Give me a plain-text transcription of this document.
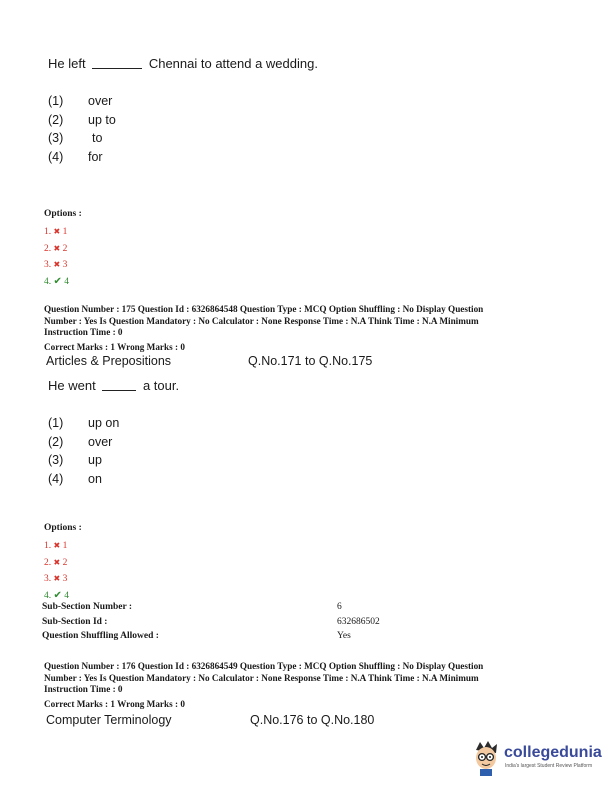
He left	Chennai to attend a wedding.
(1) over
(2) up to
(3) to
(4) for
Options :
1. ✖ 1
2. ✖ 2
3. ✖ 3
4. ✔ 4
Question Number : 175 Question Id : 6326864548 Question Type : MCQ Option Shuffling : No Display Question
Number : Yes Is Question Mandatory : No Calculator : None Response Time : N.A Think Time : N.A Minimum
Instruction Time : 0
Correct Marks : 1 Wrong Marks : 0
Articles & Prepositions	Q.No.171 to Q.No.175
He went	a tour.
(1) up on
(2) over
(3) up
(4) on
Options :
1. ✖ 1
2. ✖ 2
3. ✖ 3
4. ✔ 4
Sub-Section Number :	6
Sub-Section Id :	632686502
Question Shuffling Allowed :	Yes
Question Number : 176 Question Id : 6326864549 Question Type : MCQ Option Shuffling : No Display Question
Number : Yes Is Question Mandatory : No Calculator : None Response Time : N.A Think Time : N.A Minimum
Instruction Time : 0
Correct Marks : 1 Wrong Marks : 0
Computer Terminology	Q.No.176 to Q.No.180
collegedunia
India's largest Student Review Platform
